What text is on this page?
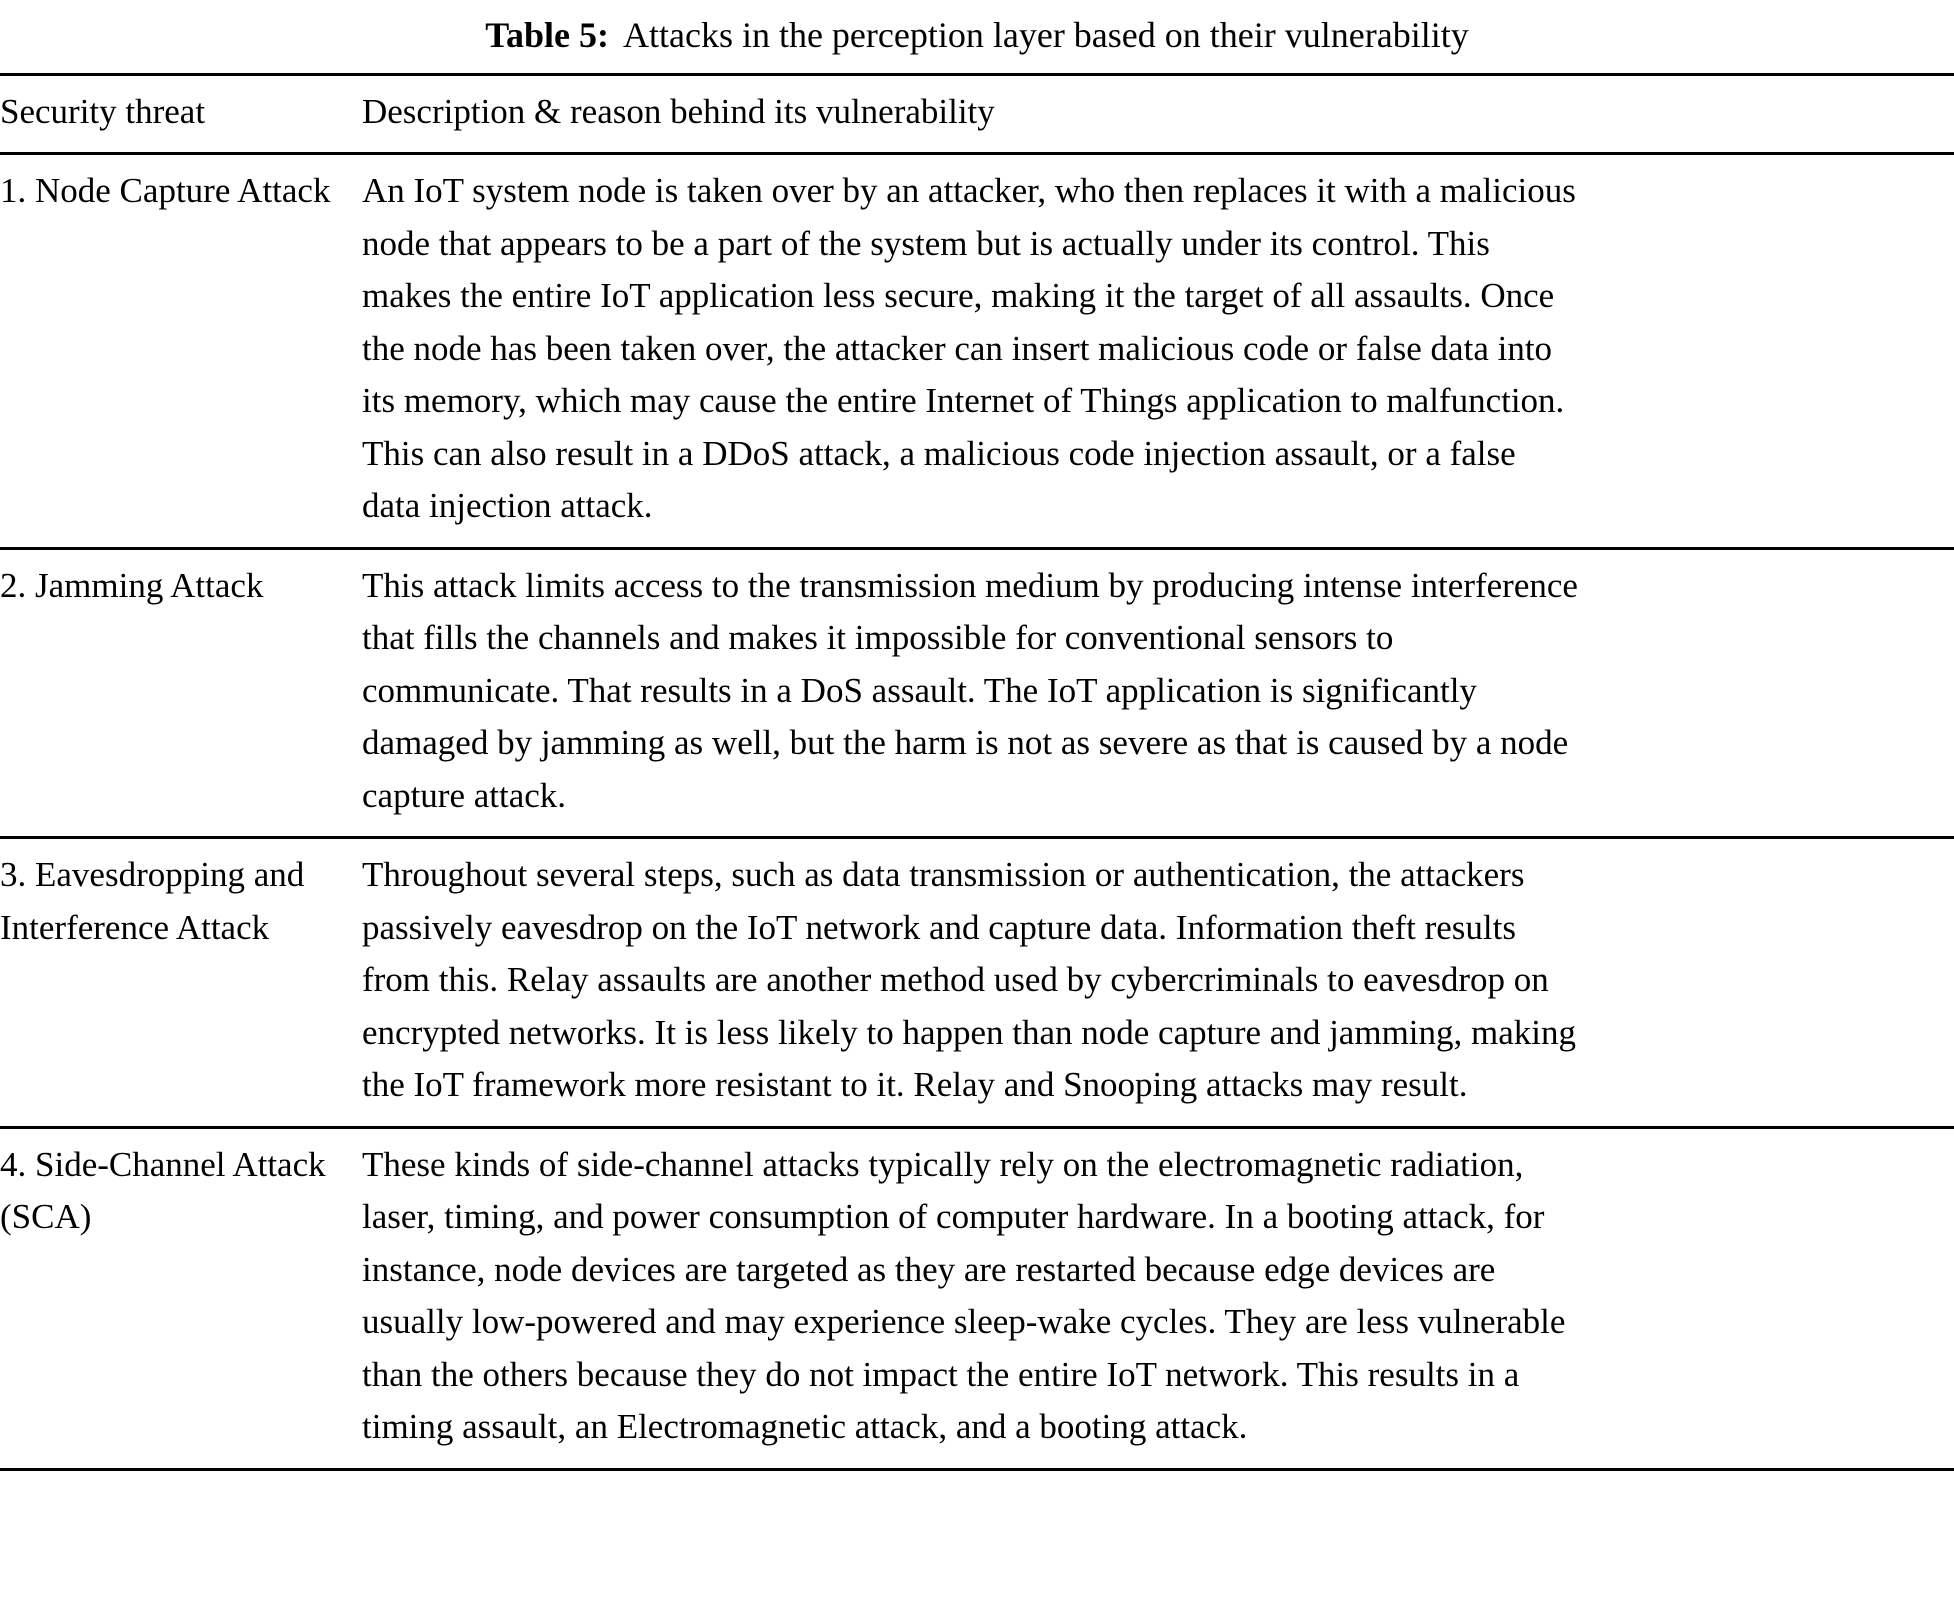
Table 5: Attacks in the perception layer based on their vulnerability
Security threat	Description & reason behind its vulnerability

1. Node Capture Attack	An IoT system node is taken over by an attacker, who then replaces it with a malicious node that appears to be a part of the system but is actually under its control. This makes the entire IoT application less secure, making it the target of all assaults. Once the node has been taken over, the attacker can insert malicious code or false data into its memory, which may cause the entire Internet of Things application to malfunction. This can also result in a DDoS attack, a malicious code injection assault, or a false data injection attack.

2. Jamming Attack	This attack limits access to the transmission medium by producing intense interference that fills the channels and makes it impossible for conventional sensors to communicate. That results in a DoS assault. The IoT application is significantly damaged by jamming as well, but the harm is not as severe as that is caused by a node capture attack.

3. Eavesdropping and Interference Attack	Throughout several steps, such as data transmission or authentication, the attackers passively eavesdrop on the IoT network and capture data. Information theft results from this. Relay assaults are another method used by cybercriminals to eavesdrop on encrypted networks. It is less likely to happen than node capture and jamming, making the IoT framework more resistant to it. Relay and Snooping attacks may result.

4. Side-Channel Attack (SCA)	These kinds of side-channel attacks typically rely on the electromagnetic radiation, laser, timing, and power consumption of computer hardware. In a booting attack, for instance, node devices are targeted as they are restarted because edge devices are usually low-powered and may experience sleep-wake cycles. They are less vulnerable than the others because they do not impact the entire IoT network. This results in a timing assault, an Electromagnetic attack, and a booting attack.
